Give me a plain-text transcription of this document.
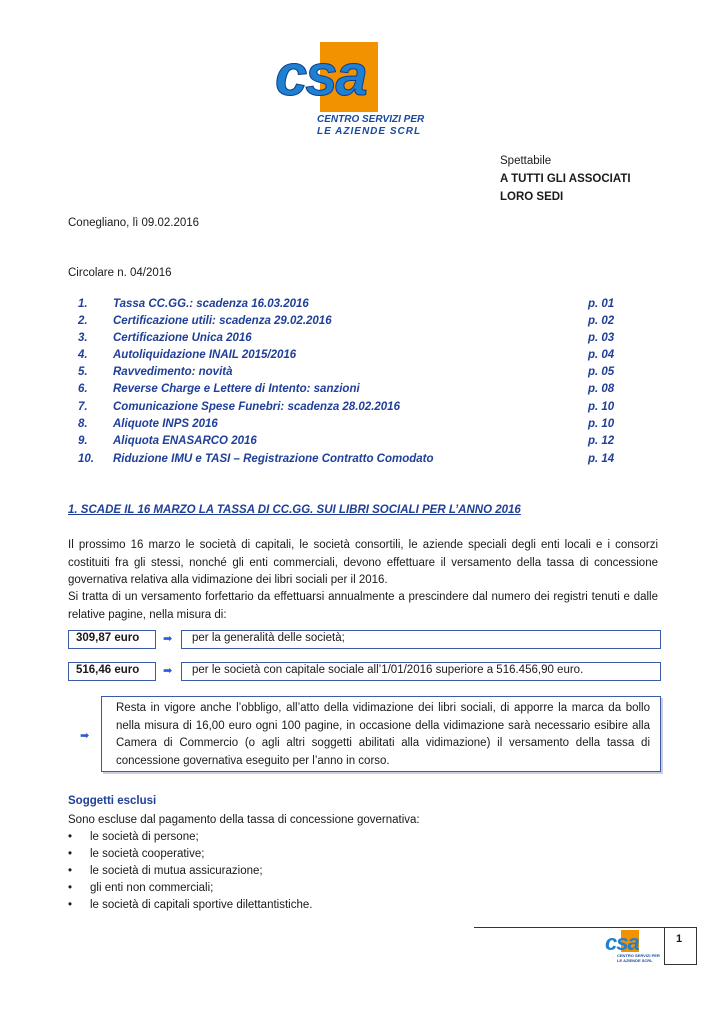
csa
CENTRO SERVIZI PER
LE AZIENDE SCRL
Spettabile
A TUTTI GLI ASSOCIATI
LORO SEDI
Conegliano, lì 09.02.2016
Circolare n. 04/2016
1. Tassa CC.GG.: scadenza 16.03.2016	p. 01
2. Certificazione utili: scadenza 29.02.2016	p. 02
3. Certificazione Unica 2016	p. 03
4. Autoliquidazione INAIL 2015/2016	p. 04
5. Ravvedimento: novità	p. 05
6. Reverse Charge e Lettere di Intento: sanzioni	p. 08
7. Comunicazione Spese Funebri: scadenza 28.02.2016	p. 10
8. Aliquote INPS 2016	p. 10
9. Aliquota ENASARCO 2016	p. 12
10. Riduzione IMU e TASI – Registrazione Contratto Comodato	p. 14
1. SCADE IL 16 MARZO LA TASSA DI CC.GG. SUI LIBRI SOCIALI PER L’ANNO 2016
Il prossimo 16 marzo le società di capitali, le società consortili, le aziende speciali degli enti locali e i consorzi costituiti fra gli stessi, nonché gli enti commerciali, devono effettuare il versamento della tassa di concessione governativa relativa alla vidimazione dei libri sociali per il 2016.
Si tratta di un versamento forfettario da effettuarsi annualmente a prescindere dal numero dei registri tenuti e dalle relative pagine, nella misura di:
309,87 euro ➡ per la generalità delle società;
516,46 euro ➡ per le società con capitale sociale all’1/01/2016 superiore a 516.456,90 euro.
➡
Resta in vigore anche l’obbligo, all’atto della vidimazione dei libri sociali, di apporre la marca da bollo nella misura di 16,00 euro ogni 100 pagine, in occasione della vidimazione sarà necessario esibire alla Camera di Commercio (o agli altri soggetti abilitati alla vidimazione) il versamento della tassa di concessione governativa eseguito per l’anno in corso.
Soggetti esclusi
Sono escluse dal pagamento della tassa di concessione governativa:
• le società di persone;
• le società cooperative;
• le società di mutua assicurazione;
• gli enti non commerciali;
• le società di capitali sportive dilettantistiche.
csa
CENTRO SERVIZI PER
LE AZIENDE SCRL
1
